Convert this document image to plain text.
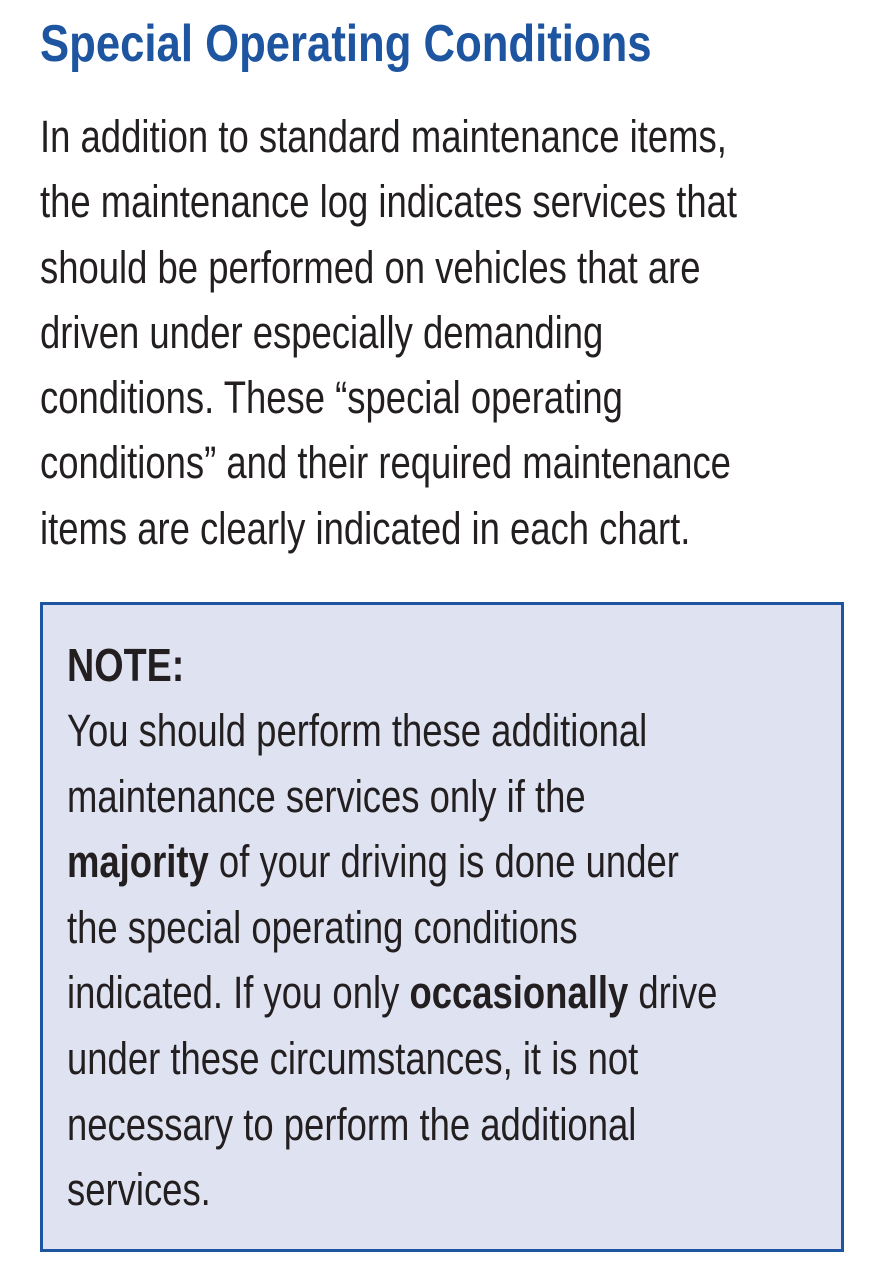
Special Operating Conditions

In addition to standard maintenance items,
the maintenance log indicates services that
should be performed on vehicles that are
driven under especially demanding
conditions. These “special operating
conditions” and their required maintenance
items are clearly indicated in each chart.

NOTE:

You should perform these additional
maintenance services only if the
majority of your driving is done under
the special operating conditions
indicated. If you only occasionally drive
under these circumstances, it is not
necessary to perform the additional
services.
